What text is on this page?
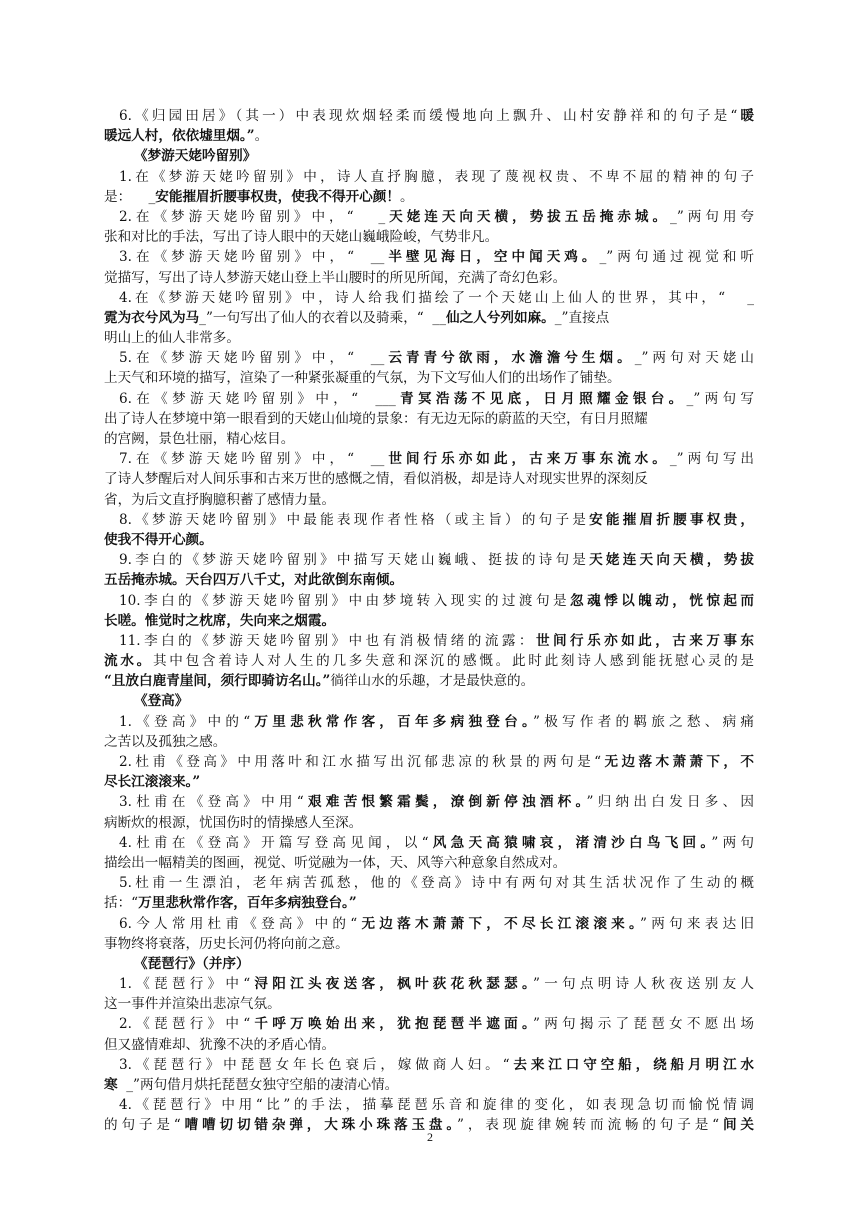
6.《归园田居》（其一）中表现炊烟轻柔而缓慢地向上飘升、山村安静祥和的句子是“暖
暖远人村，依依墟里烟。”。
《梦游天姥吟留别》
1.在《梦游天姥吟留别》中，诗人直抒胸臆，表现了蔑视权贵、不卑不屈的精神的句子
是：    _安能摧眉折腰事权贵，使我不得开心颜！。
2.在《梦游天姥吟留别》中，“   _天姥连天向天横，势拔五岳掩赤城。_”两句用夸
张和对比的手法，写出了诗人眼中的天姥山巍峨险峻，气势非凡。
3.在《梦游天姥吟留别》中，“  __半壁见海日，空中闻天鸡。_”两句通过视觉和听
觉描写，写出了诗人梦游天姥山登上半山腰时的所见所闻，充满了奇幻色彩。
4.在《梦游天姥吟留别》中，诗人给我们描绘了一个天姥山上仙人的世界，其中，“   _
霓为衣兮风为马_”一句写出了仙人的衣着以及骑乘，“  __仙之人兮列如麻。_”直接点
明山上的仙人非常多。
5.在《梦游天姥吟留别》中，“  __云青青兮欲雨，水澹澹兮生烟。_”两句对天姥山
上天气和环境的描写，渲染了一种紧张凝重的气氛，为下文写仙人们的出场作了铺垫。
6.在《梦游天姥吟留别》中，“  ___青冥浩荡不见底，日月照耀金银台。_”两句写
出了诗人在梦境中第一眼看到的天姥山仙境的景象：有无边无际的蔚蓝的天空，有日月照耀
的宫阙，景色壮丽，精心炫目。
7.在《梦游天姥吟留别》中，“  __世间行乐亦如此，古来万事东流水。_”两句写出
了诗人梦醒后对人间乐事和古来万世的感慨之情，看似消极，却是诗人对现实世界的深刻反
省，为后文直抒胸臆积蓄了感情力量。
8.《梦游天姥吟留别》中最能表现作者性格（或主旨）的句子是安能摧眉折腰事权贵，
使我不得开心颜。
9.李白的《梦游天姥吟留别》中描写天姥山巍峨、挺拔的诗句是天姥连天向天横，势拔
五岳掩赤城。天台四万八千丈，对此欲倒东南倾。
10.李白的《梦游天姥吟留别》中由梦境转入现实的过渡句是忽魂悸以魄动，恍惊起而
长嗟。惟觉时之枕席，失向来之烟霞。
11.李白的《梦游天姥吟留别》中也有消极情绪的流露：世间行乐亦如此，古来万事东
流水。其中包含着诗人对人生的几多失意和深沉的感慨。此时此刻诗人感到能抚慰心灵的是
“且放白鹿青崖间，须行即骑访名山。”徜徉山水的乐趣，才是最快意的。
《登高》
1.《登高》中的“万里悲秋常作客，百年多病独登台。”极写作者的羁旅之愁、病痛
之苦以及孤独之感。
2.杜甫《登高》中用落叶和江水描写出沉郁悲凉的秋景的两句是“无边落木萧萧下，不
尽长江滚滚来。”
3.杜甫在《登高》中用“艰难苦恨繁霜鬓，潦倒新停浊酒杯。”归纳出白发日多、因
病断炊的根源，忧国伤时的情操感人至深。
4.杜甫在《登高》开篇写登高见闻，以“风急天高猿啸哀，渚清沙白鸟飞回。”两句
描绘出一幅精美的图画，视觉、听觉融为一体，天、风等六种意象自然成对。
5.杜甫一生漂泊，老年病苦孤愁，他的《登高》诗中有两句对其生活状况作了生动的概
括：“万里悲秋常作客，百年多病独登台。”
6.今人常用杜甫《登高》中的“无边落木萧萧下，不尽长江滚滚来。”两句来表达旧
事物终将衰落，历史长河仍将向前之意。
《琵琶行》（并序）
1.《琵琶行》中“浔阳江头夜送客，枫叶荻花秋瑟瑟。”一句点明诗人秋夜送别友人
这一事件并渲染出悲凉气氛。
2.《琵琶行》中“千呼万唤始出来，犹抱琵琶半遮面。”两句揭示了琵琶女不愿出场
但又盛情难却、犹豫不决的矛盾心情。
3.《琵琶行》中琵琶女年长色衰后，嫁做商人妇。“去来江口守空船，绕船月明江水
寒  _”两句借月烘托琵琶女独守空船的凄清心情。
4.《琵琶行》中用“比”的手法，描摹琵琶乐音和旋律的变化，如表现急切而愉悦情调
的句子是“嘈嘈切切错杂弹，大珠小珠落玉盘。”，表现旋律婉转而流畅的句子是“间关
2
